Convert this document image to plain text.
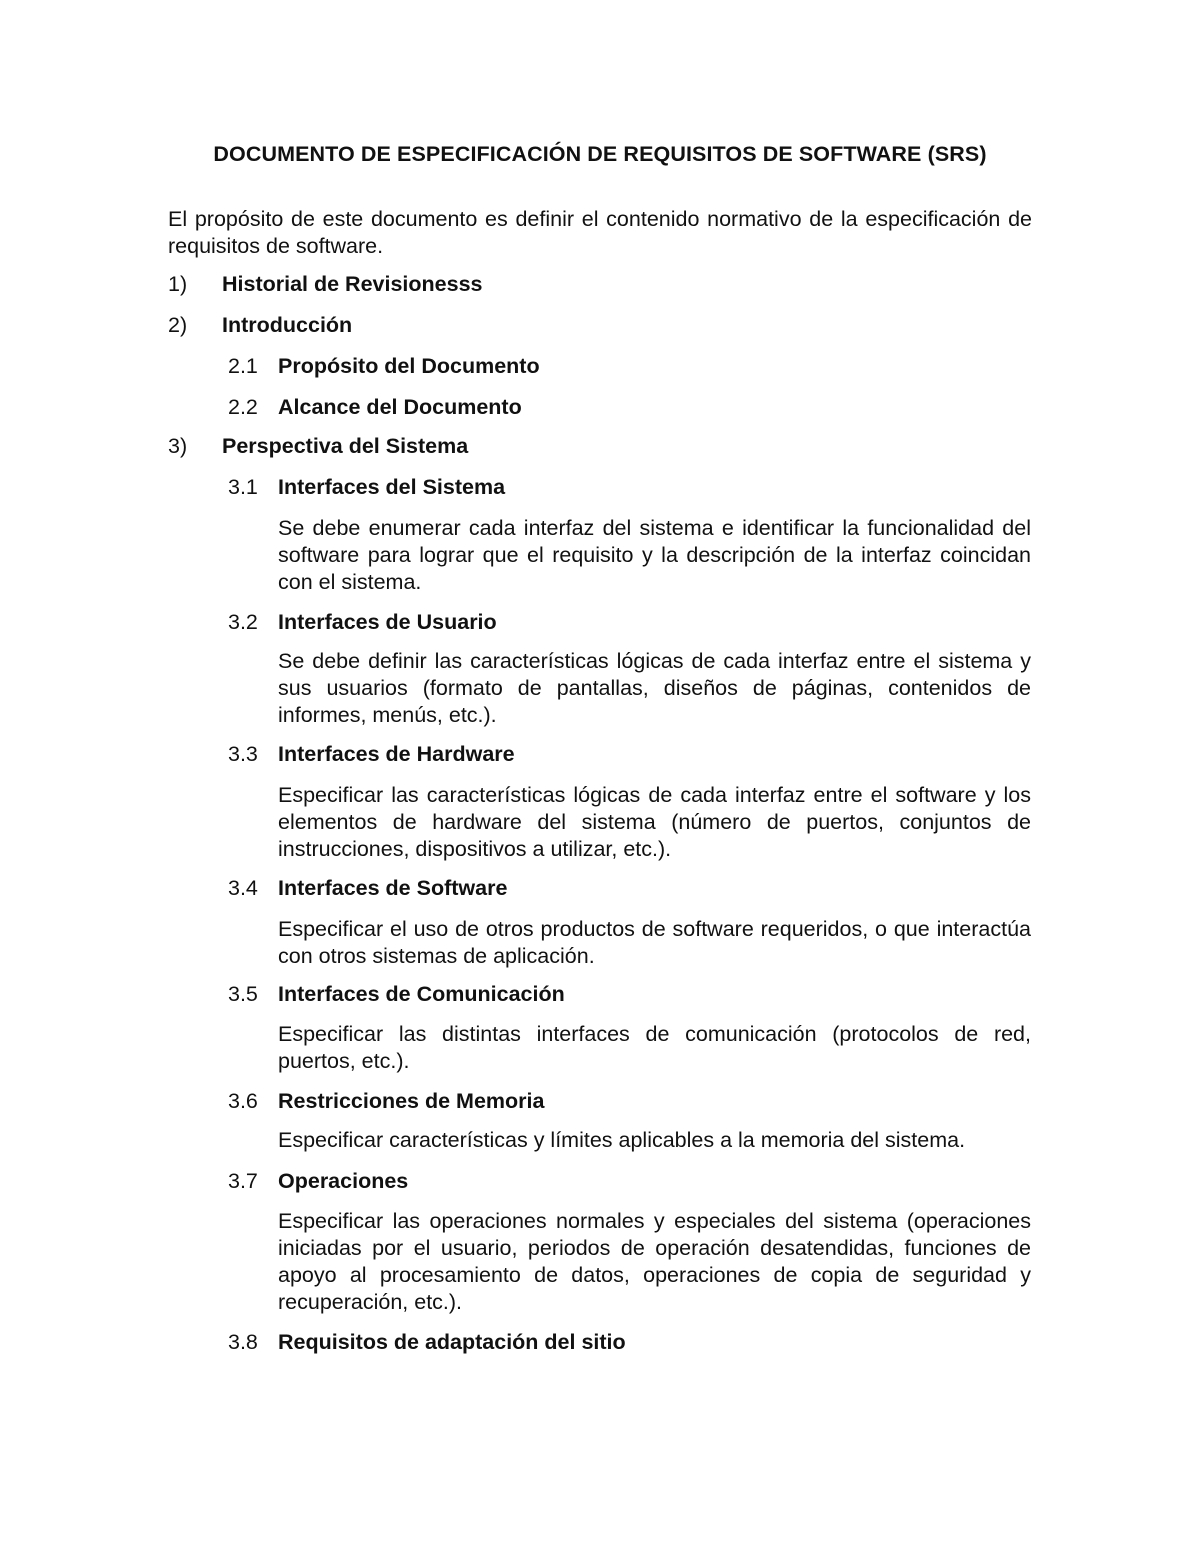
DOCUMENTO DE ESPECIFICACIÓN DE REQUISITOS DE SOFTWARE (SRS)
El propósito de este documento es definir el contenido normativo de la especificación de requisitos de software.
1) Historial de Revisionesss
2) Introducción
2.1 Propósito del Documento
2.2 Alcance del Documento
3) Perspectiva del Sistema
3.1 Interfaces del Sistema
Se debe enumerar cada interfaz del sistema e identificar la funcionalidad del software para lograr que el requisito y la descripción de la interfaz coincidan con el sistema.
3.2 Interfaces de Usuario
Se debe definir las características lógicas de cada interfaz entre el sistema y sus usuarios (formato de pantallas, diseños de páginas, contenidos de informes, menús, etc.).
3.3 Interfaces de Hardware
Especificar las características lógicas de cada interfaz entre el software y los elementos de hardware del sistema (número de puertos, conjuntos de instrucciones, dispositivos a utilizar, etc.).
3.4 Interfaces de Software
Especificar el uso de otros productos de software requeridos, o que interactúa con otros sistemas de aplicación.
3.5 Interfaces de Comunicación
Especificar las distintas interfaces de comunicación (protocolos de red, puertos, etc.).
3.6 Restricciones de Memoria
Especificar características y límites aplicables a la memoria del sistema.
3.7 Operaciones
Especificar las operaciones normales y especiales del sistema (operaciones iniciadas por el usuario, periodos de operación desatendidas, funciones de apoyo al procesamiento de datos, operaciones de copia de seguridad y recuperación, etc.).
3.8 Requisitos de adaptación del sitio
